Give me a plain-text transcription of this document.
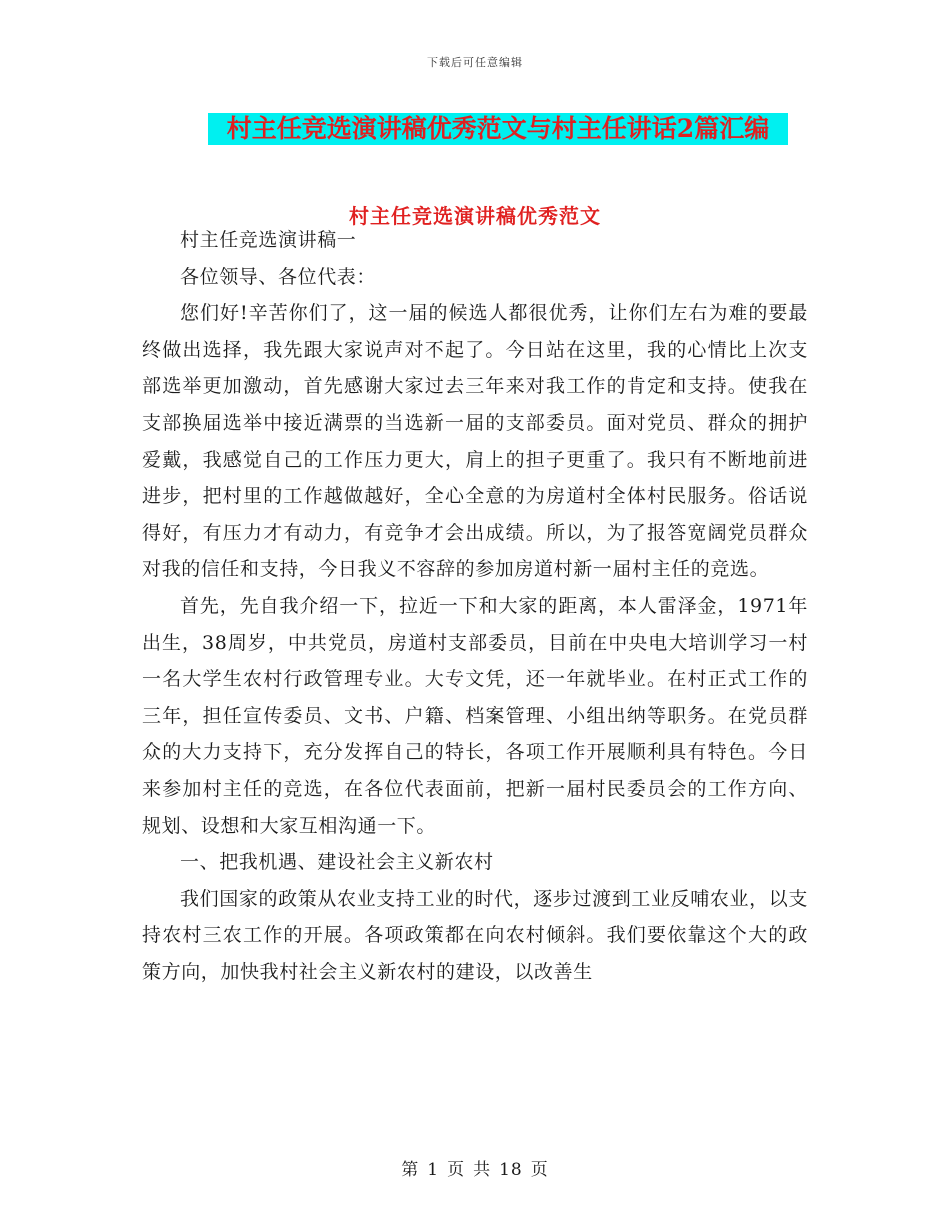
下载后可任意编辑
村主任竞选演讲稿优秀范文与村主任讲话2篇汇编
村主任竞选演讲稿优秀范文

村主任竞选演讲稿一

各位领导、各位代表：

您们好!辛苦你们了，这一届的候选人都很优秀，让你们左右为难的要最终做出选择，我先跟大家说声对不起了。今日站在这里，我的心情比上次支部选举更加激动，首先感谢大家过去三年来对我工作的肯定和支持。使我在支部换届选举中接近满票的当选新一届的支部委员。面对党员、群众的拥护爱戴，我感觉自己的工作压力更大，肩上的担子更重了。我只有不断地前进进步，把村里的工作越做越好，全心全意的为房道村全体村民服务。俗话说得好，有压力才有动力，有竞争才会出成绩。所以，为了报答宽阔党员群众对我的信任和支持，今日我义不容辞的参加房道村新一届村主任的竞选。

首先，先自我介绍一下，拉近一下和大家的距离，本人雷泽金，1971年出生，38周岁，中共党员，房道村支部委员，目前在中央电大培训学习一村一名大学生农村行政管理专业。大专文凭，还一年就毕业。在村正式工作的三年，担任宣传委员、文书、户籍、档案管理、小组出纳等职务。在党员群众的大力支持下，充分发挥自己的特长，各项工作开展顺利具有特色。今日来参加村主任的竞选，在各位代表面前，把新一届村民委员会的工作方向、规划、设想和大家互相沟通一下。

一、把我机遇、建设社会主义新农村

我们国家的政策从农业支持工业的时代，逐步过渡到工业反哺农业，以支持农村三农工作的开展。各项政策都在向农村倾斜。我们要依靠这个大的政策方向，加快我村社会主义新农村的建设，以改善生

第 1 页 共 18 页
